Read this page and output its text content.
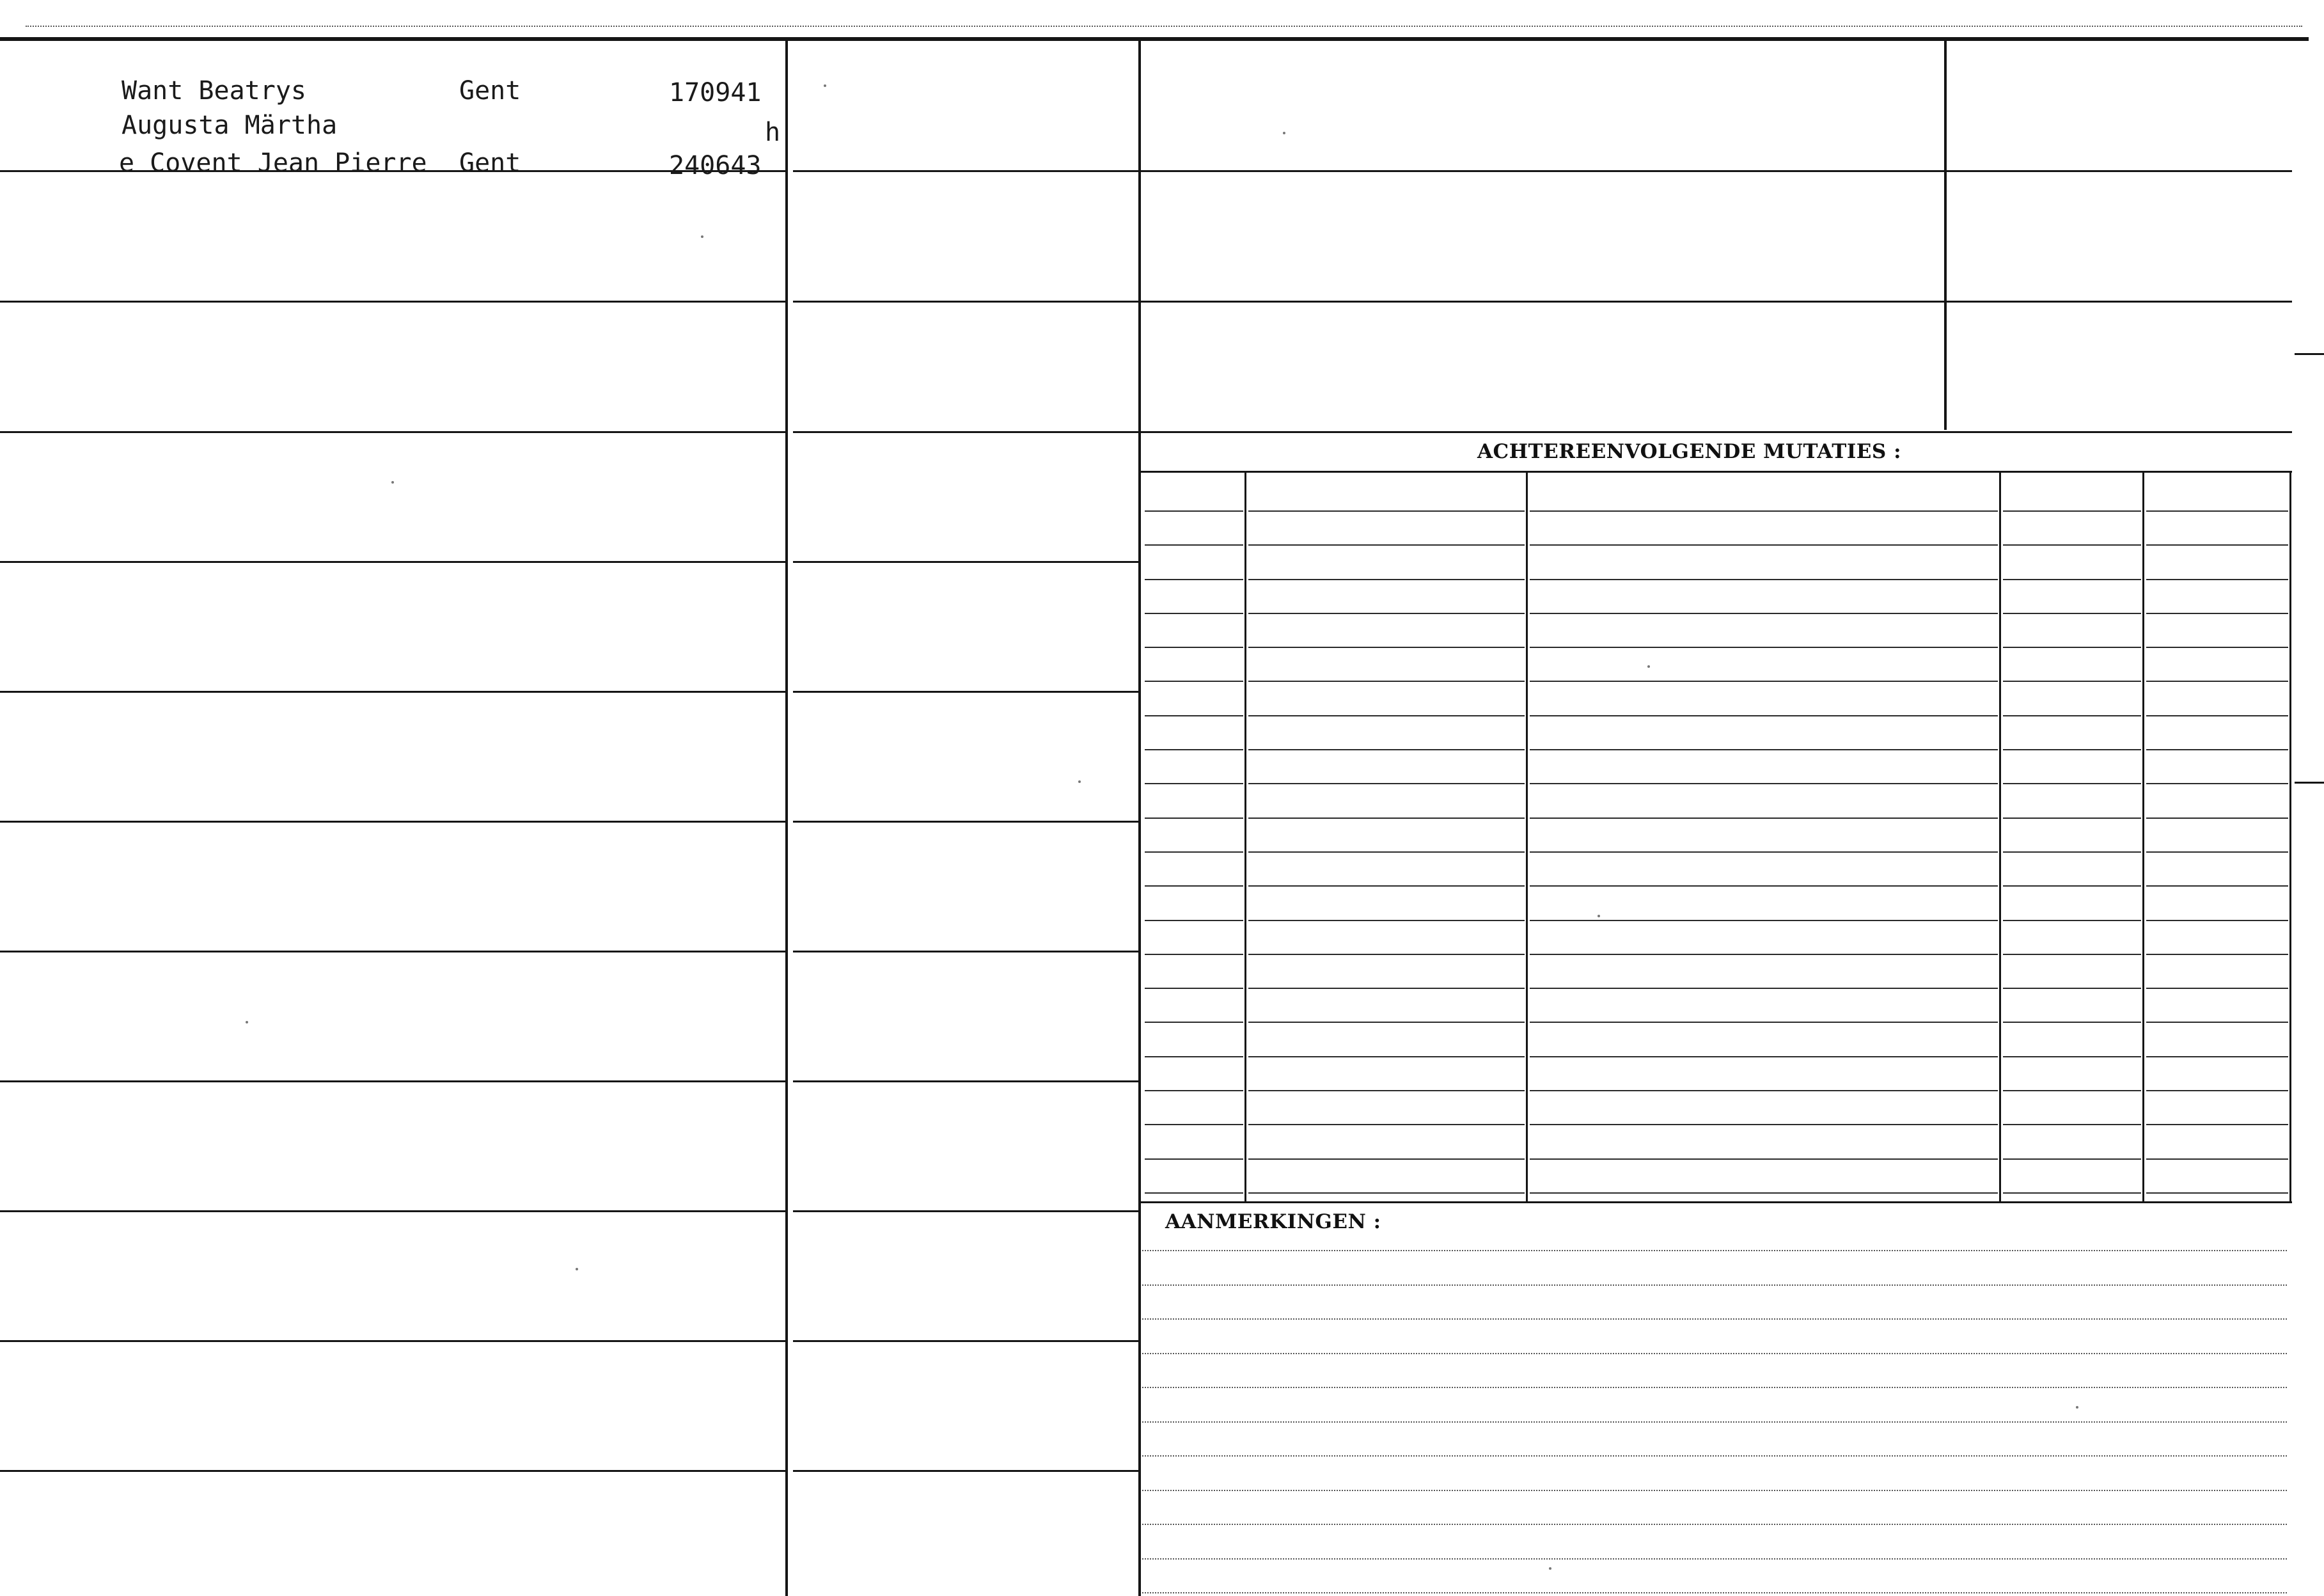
Want Beatrys	Gent	170941
Augusta Märtha	h
e Covent Jean Pierre Gent	240643
ACHTEREENVOLGENDE MUTATIES :
AANMERKINGEN :
